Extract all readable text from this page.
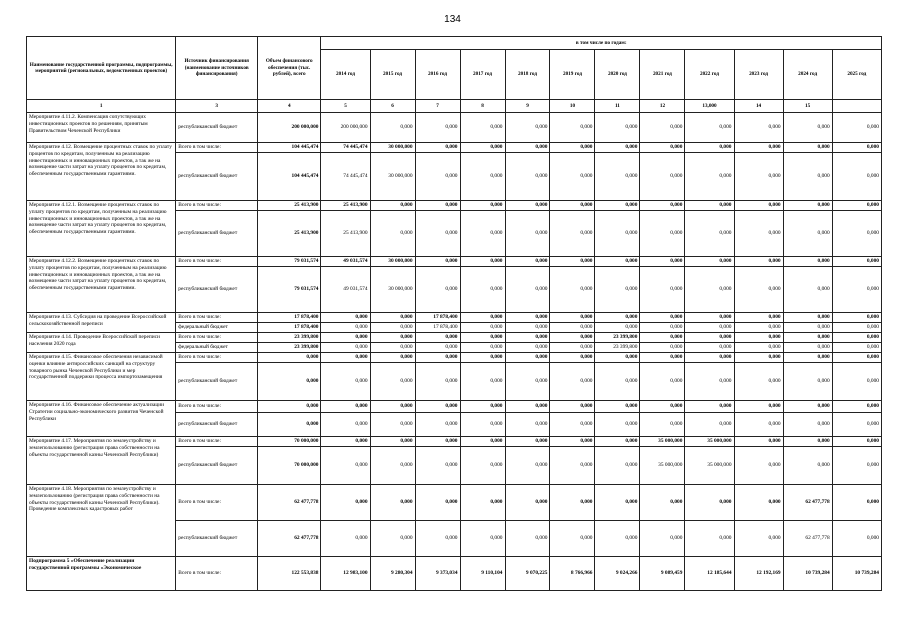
134
Наименование государственной программы, подпрограммы, мероприятий (региональных, ведомственных проектов)	Источник финансирования (наименование источников финансирования)	Объем финансового обеспечения (тыс. рублей), всего	в том числе по годам:											
			2014 год	2015 год	2016 год	2017 год	2018 год	2019 год	2020 год	2021 год	2022 год	2023 год	2024 год	2025 год
1	3	4	5	6	7	8	9	10	11	12	13,000	14	15	
Мероприятие 4.11.2. Компенсация сопутствующих инвестиционных проектов по решениям, принятым Правительством Чеченской Республики	республиканский бюджет	200 000,000	200 000,000	0,000	0,000	0,000	0,000	0,000	0,000	0,000	0,000	0,000	0,000	0,000
Мероприятие 4.12. Возмещение процентных ставок по уплату процентов по кредитам, полученным на реализацию инвестиционных и инновационных проектов, а так же на возмещение части затрат на уплату процентов по кредитам, обеспеченным государственными гарантиями.	Всего в том числе:	104 445,474	74 445,474	30 000,000	0,000	0,000	0,000	0,000	0,000	0,000	0,000	0,000	0,000	0,000
	республиканский бюджет	104 445,474	74 445,474	30 000,000	0,000	0,000	0,000	0,000	0,000	0,000	0,000	0,000	0,000	0,000
Мероприятие 4.12.1. Возмещение процентных ставок по уплату процентов по кредитам, полученным на реализацию инвестиционных и инновационных проектов, а так же на возмещение части затрат на уплату процентов по кредитам, обеспеченным государственными гарантиями.	Всего в том числе:	25 413,900	25 413,900	0,000	0,000	0,000	0,000	0,000	0,000	0,000	0,000	0,000	0,000	0,000
	республиканский бюджет	25 413,900	25 413,900	0,000	0,000	0,000	0,000	0,000	0,000	0,000	0,000	0,000	0,000	0,000
Мероприятие 4.12.2. Возмещение процентных ставок по уплату процентов по кредитам, полученным на реализацию инвестиционных и инновационных проектов, а так же на возмещение части затрат на уплату процентов по кредитам, обеспеченным государственными гарантиями.	Всего в том числе:	79 031,574	49 031,574	30 000,000	0,000	0,000	0,000	0,000	0,000	0,000	0,000	0,000	0,000	0,000
	республиканский бюджет	79 031,574	49 031,574	30 000,000	0,000	0,000	0,000	0,000	0,000	0,000	0,000	0,000	0,000	0,000
Мероприятие 4.13. Субсидия на проведение Всероссийской сельскохозяйственной переписи	Всего в том числе:	17 878,400	0,000	0,000	17 878,400	0,000	0,000	0,000	0,000	0,000	0,000	0,000	0,000	0,000
	федеральный бюджет	17 878,400	0,000	0,000	17 878,400	0,000	0,000	0,000	0,000	0,000	0,000	0,000	0,000	0,000
Мероприятие 4.14. Проведение Всероссийской переписи населения 2020 года	Всего в том числе:	23 399,800	0,000	0,000	0,000	0,000	0,000	0,000	23 399,800	0,000	0,000	0,000	0,000	0,000
	федеральный бюджет	23 399,800	0,000	0,000	0,000	0,000	0,000	0,000	23 399,800	0,000	0,000	0,000	0,000	0,000
Мероприятие 4.15. Финансовое обеспечения независимой оценки влияние антироссийских санкций на структуру товарного рынка Чеченской Республики и мер государственной поддержки процесса импортозамещения	Всего в том числе:	0,000	0,000	0,000	0,000	0,000	0,000	0,000	0,000	0,000	0,000	0,000	0,000	0,000
	республиканский бюджет	0,000	0,000	0,000	0,000	0,000	0,000	0,000	0,000	0,000	0,000	0,000	0,000	0,000
Мероприятие 4.16. Финансовое обеспечение актуализации Стратегии социально-экономического развития Чеченской Республики	Всего в том числе:	0,000	0,000	0,000	0,000	0,000	0,000	0,000	0,000	0,000	0,000	0,000	0,000	0,000
	республиканский бюджет	0,000	0,000	0,000	0,000	0,000	0,000	0,000	0,000	0,000	0,000	0,000	0,000	0,000
Мероприятие 4.17. Мероприятия по землеустройству и землепользованию (регистрация права собственности на объекты государственной казны Чеченской Республики)	Всего в том числе:	70 000,000	0,000	0,000	0,000	0,000	0,000	0,000	0,000	35 000,000	35 000,000	0,000	0,000	0,000
	республиканский бюджет	70 000,000	0,000	0,000	0,000	0,000	0,000	0,000	0,000	35 000,000	35 000,000	0,000	0,000	0,000
Мероприятие 4.18. Мероприятия по землеустройству и землепользованию (регистрация права собственности на объекты государственной казны Чеченской Республики). Проведение комплексных кадастровых работ	Всего в том числе:	62 477,778	0,000	0,000	0,000	0,000	0,000	0,000	0,000	0,000	0,000	0,000	62 477,778	0,000
	республиканский бюджет	62 477,778	0,000	0,000	0,000	0,000	0,000	0,000	0,000	0,000	0,000	0,000	62 477,778	0,000
Подпрограмма 5 «Обеспечение реализации государственной программы «Экономическое	Всего в том числе:	122 553,838	12 983,100	9 280,304	9 373,034	9 110,104	9 070,225	8 766,966	9 024,266	9 089,459	12 185,644	12 192,169	10 739,284	10 739,284
